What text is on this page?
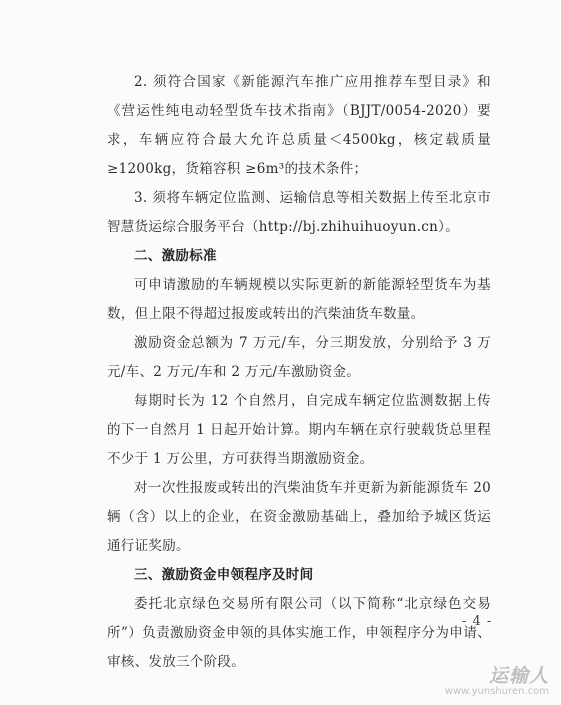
2. 须符合国家《新能源汽车推广应用推荐车型目录》和《营运性纯电动轻型货车技术指南》（BJJT/0054-2020）要求，车辆应符合最大允许总质量＜4500kg，核定载质量≥1200kg，货箱容积 ≥6m³的技术条件；

3. 须将车辆定位监测、运输信息等相关数据上传至北京市智慧货运综合服务平台（http://bj.zhihuihuoyun.cn）。

二、激励标准

可申请激励的车辆规模以实际更新的新能源轻型货车为基数，但上限不得超过报废或转出的汽柴油货车数量。

激励资金总额为 7 万元/车，分三期发放，分别给予 3 万元/车、2 万元/车和 2 万元/车激励资金。

每期时长为 12 个自然月，自完成车辆定位监测数据上传的下一自然月 1 日起开始计算。期内车辆在京行驶载货总里程不少于 1 万公里，方可获得当期激励资金。

对一次性报废或转出的汽柴油货车并更新为新能源货车 20 辆（含）以上的企业，在资金激励基础上，叠加给予城区货运通行证奖励。

三、激励资金申领程序及时间

委托北京绿色交易所有限公司（以下简称“北京绿色交易所”）负责激励资金申领的具体实施工作，申领程序分为申请、审核、发放三个阶段。

- 4 -
运输人
www.yunshuren.com
